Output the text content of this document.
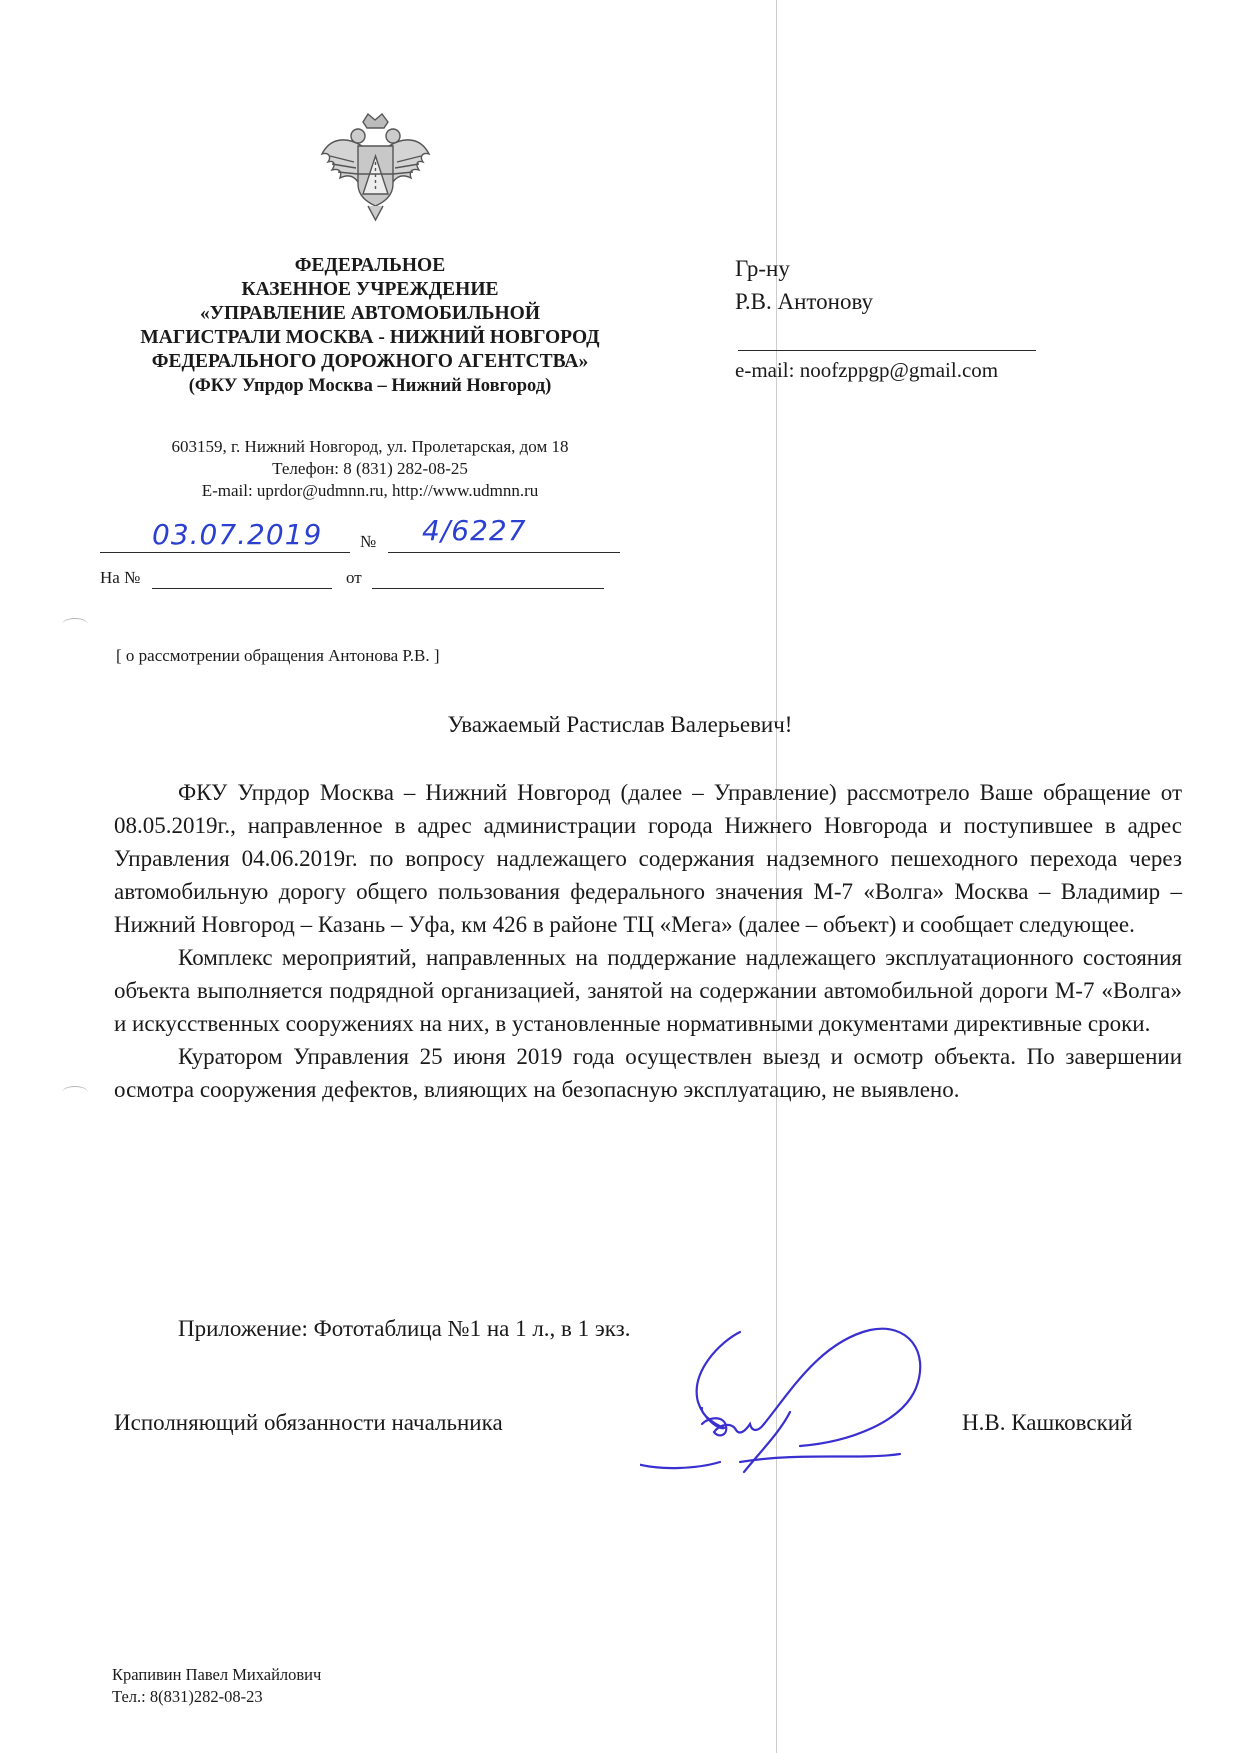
ФЕДЕРАЛЬНОЕ
КАЗЕННОЕ УЧРЕЖДЕНИЕ
«УПРАВЛЕНИЕ АВТОМОБИЛЬНОЙ
МАГИСТРАЛИ МОСКВА - НИЖНИЙ НОВГОРОД
ФЕДЕРАЛЬНОГО ДОРОЖНОГО АГЕНТСТВА»
(ФКУ Упрдор Москва – Нижний Новгород)
603159, г. Нижний Новгород, ул. Пролетарская, дом 18
Телефон: 8 (831) 282-08-25
E-mail: uprdor@udmnn.ru, http://www.udmnn.ru
03.07.2019 № 4/6227
На №	от
[ о рассмотрении обращения Антонова Р.В. ]
Гр-ну
Р.В. Антонову
e-mail: noofzppgp@gmail.com
Уважаемый Растислав Валерьевич!

ФКУ Упрдор Москва – Нижний Новгород (далее – Управление) рассмотрело Ваше обращение от 08.05.2019г., направленное в адрес администрации города Нижнего Новгорода и поступившее в адрес Управления 04.06.2019г. по вопросу надлежащего содержания надземного пешеходного перехода через автомобильную дорогу общего пользования федерального значения М-7 «Волга» Москва – Владимир – Нижний Новгород – Казань – Уфа, км 426 в районе ТЦ «Мега» (далее – объект) и сообщает следующее.

Комплекс мероприятий, направленных на поддержание надлежащего эксплуатационного состояния объекта выполняется подрядной организацией, занятой на содержании автомобильной дороги М-7 «Волга» и искусственных сооружениях на них, в установленные нормативными документами директивные сроки.

Куратором Управления 25 июня 2019 года осуществлен выезд и осмотр объекта. По завершении осмотра сооружения дефектов, влияющих на безопасную эксплуатацию, не выявлено.

Приложение: Фототаблица №1 на 1 л., в 1 экз.
Исполняющий обязанности начальника	Н.В. Кашковский
Крапивин Павел Михайлович
Тел.: 8(831)282-08-23
